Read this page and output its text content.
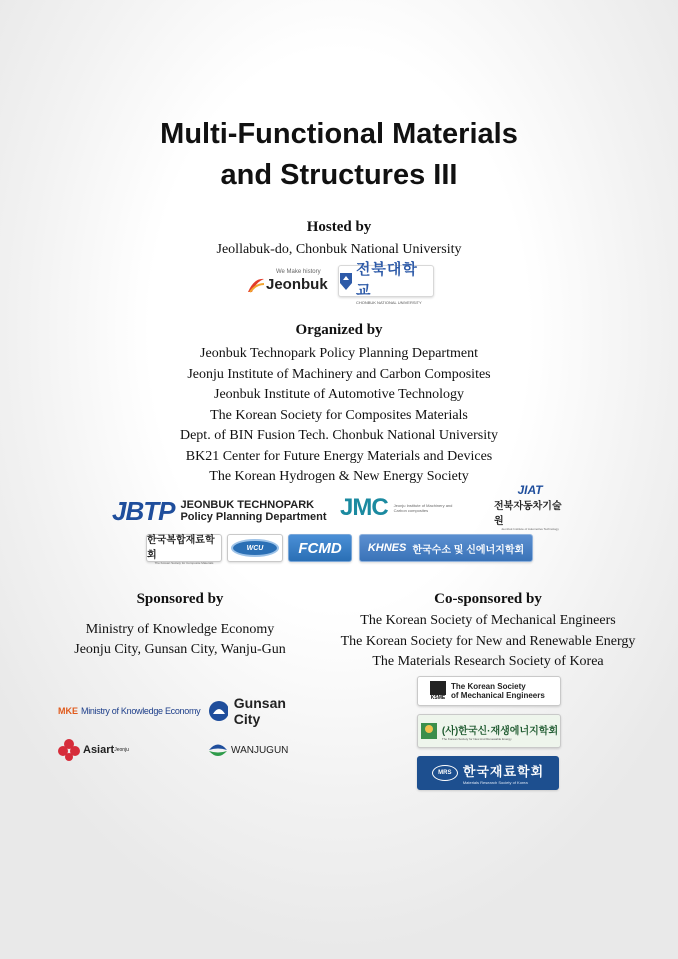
Multi-Functional Materials
and Structures III
Hosted by
Jeollabuk-do, Chonbuk National University
We Make history
Jeonbuk
전북대학교
CHONBUK NATIONAL UNIVERSITY
Organized by
Jeonbuk Technopark Policy Planning Department
Jeonju Institute of Machinery and Carbon Composites
Jeonbuk Institute of Automotive Technology
The Korean Society for Composites Materials
Dept. of BIN Fusion Tech. Chonbuk National University
BK21 Center for Future Energy Materials and Devices
The Korean Hydrogen & New Energy Society
JBTP JEONBUK TECHNOPARK
Policy Planning Department JMC Jeonju Institute of Machinery and Carbon composites
JIAT
전북자동차기술원
Jeonbuk Institute of Automotive Technology
한국복합재료학회
The Korean Society for Composite Materials
WCU FCMD KHNES 한국수소 및 신에너지학회
Sponsored by
Ministry of Knowledge Economy
Jeonju City, Gunsan City, Wanju-Gun
MKE Ministry of Knowledge Economy Gunsan City
Asiart Jeonju	WANJUGUN
Co-sponsored by
The Korean Society of Mechanical Engineers
The Korean Society for New and Renewable Energy
The Materials Research Society of Korea
KSME
The Korean Society
of Mechanical Engineers
(사)한국신·재생에너지학회
The Korean Society for New And Renewable Energy
MRS 한국재료학회
Materials Research Society of Korea
